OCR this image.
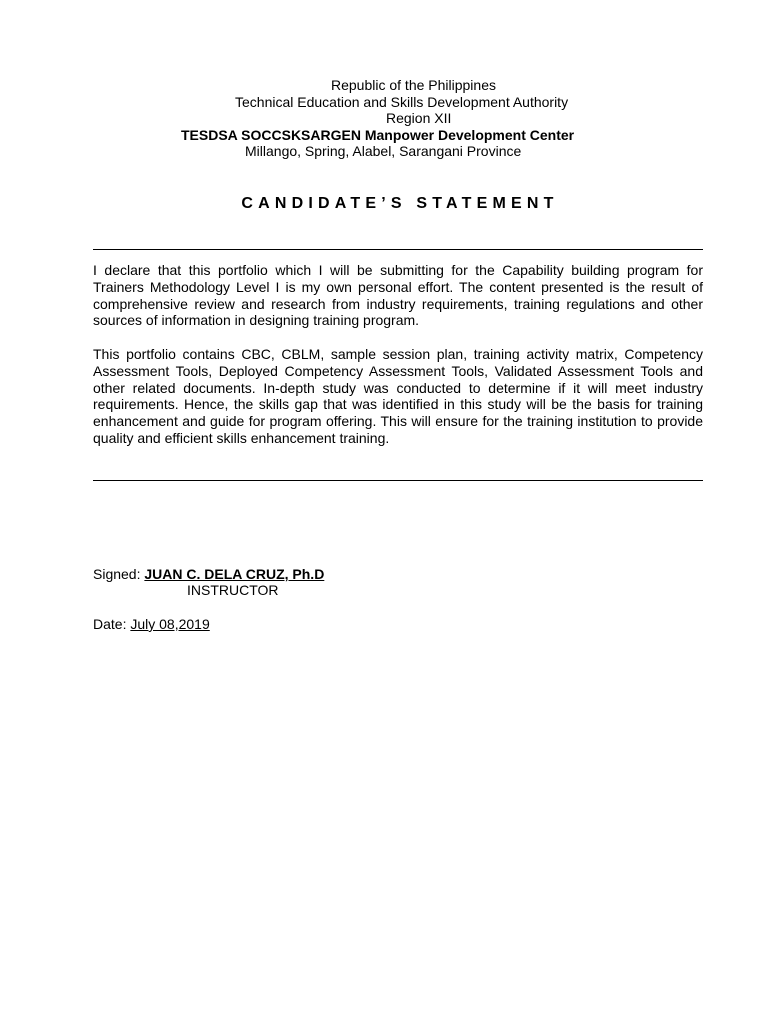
Republic of the Philippines
Technical Education and Skills Development Authority
Region XII
TESDSA SOCCSKSARGEN Manpower Development Center
Millango, Spring, Alabel, Sarangani Province
CANDIDATE’S STATEMENT
I declare that this portfolio which I will be submitting for the Capability building program for Trainers Methodology Level I is my own personal effort. The content presented is the result of comprehensive review and research from industry requirements, training regulations and other sources of information in designing training program.
This portfolio contains CBC, CBLM, sample session plan, training activity matrix, Competency Assessment Tools, Deployed Competency Assessment Tools, Validated Assessment Tools and other related documents. In-depth study was conducted to determine if it will meet industry requirements. Hence, the skills gap that was identified in this study will be the basis for training enhancement and guide for program offering. This will ensure for the training institution to provide quality and efficient skills enhancement training.
Signed: JUAN C. DELA CRUZ, Ph.D
INSTRUCTOR
Date: July 08,2019
